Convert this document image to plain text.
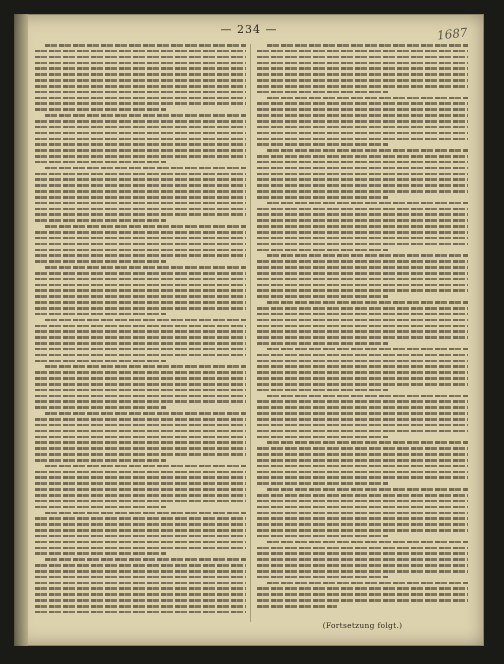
— 234 —	1687
(Fortsetzung folgt.)
